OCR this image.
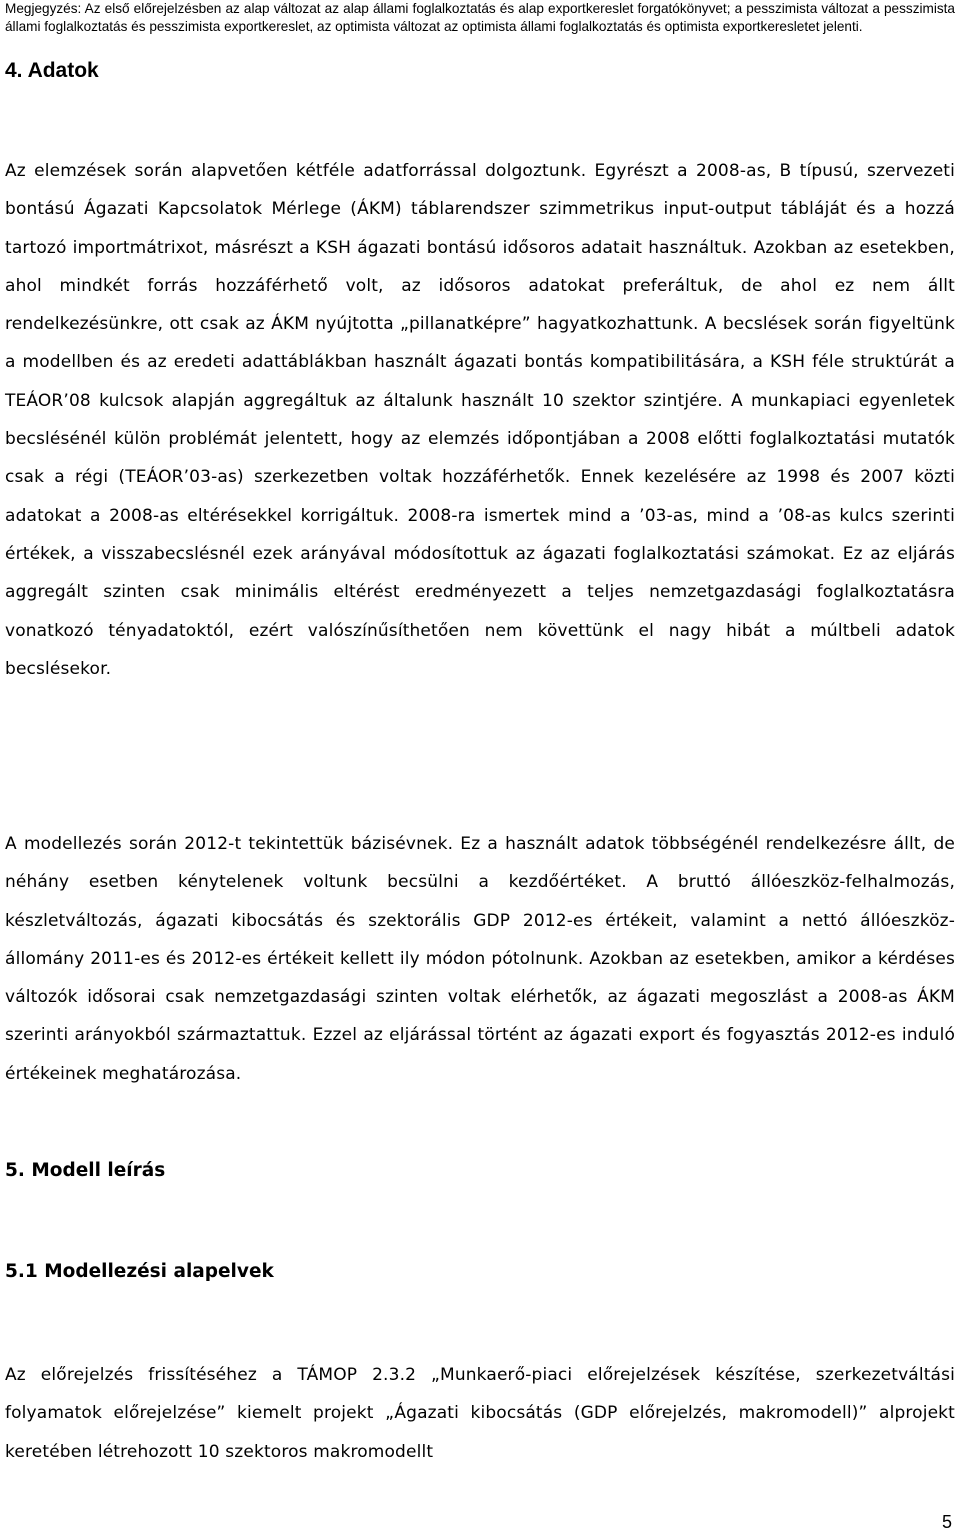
Megjegyzés: Az első előrejelzésben az alap változat az alap állami foglalkoztatás és alap exportkereslet forgatókönyvet; a pesszimista változat a pesszimista állami foglalkoztatás és pesszimista exportkereslet, az optimista változat az optimista állami foglalkoztatás és optimista exportkeresletet jelenti.
4. Adatok
Az elemzések során alapvetően kétféle adatforrással dolgoztunk. Egyrészt a 2008-as, B típusú, szervezeti bontású Ágazati Kapcsolatok Mérlege (ÁKM) táblarendszer szimmetrikus input-output tábláját és a hozzá tartozó importmátrixot, másrészt a KSH ágazati bontású idősoros adatait használtuk. Azokban az esetekben, ahol mindkét forrás hozzáférhető volt, az idősoros adatokat preferáltuk, de ahol ez nem állt rendelkezésünkre, ott csak az ÁKM nyújtotta „pillanatképre” hagyatkozhattunk. A becslések során figyeltünk a modellben és az eredeti adattáblákban használt ágazati bontás kompatibilitására, a KSH féle struktúrát a TEÁOR’08 kulcsok alapján aggregáltuk az általunk használt 10 szektor szintjére. A munkapiaci egyenletek becslésénél külön problémát jelentett, hogy az elemzés időpontjában a 2008 előtti foglalkoztatási mutatók csak a régi (TEÁOR’03-as) szerkezetben voltak hozzáférhetők. Ennek kezelésére az 1998 és 2007 közti adatokat a 2008-as eltérésekkel korrigáltuk. 2008-ra ismertek mind a ’03-as, mind a ’08-as kulcs szerinti értékek, a visszabecslésnél ezek arányával módosítottuk az ágazati foglalkoztatási számokat. Ez az eljárás aggregált szinten csak minimális eltérést eredményezett a teljes nemzetgazdasági foglalkoztatásra vonatkozó tényadatoktól, ezért valószínűsíthetően nem követtünk el nagy hibát a múltbeli adatok becslésekor.
A modellezés során 2012-t tekintettük bázisévnek. Ez a használt adatok többségénél rendelkezésre állt, de néhány esetben kénytelenek voltunk becsülni a kezdőértéket. A bruttó állóeszköz-felhalmozás, készletváltozás, ágazati kibocsátás és szektorális GDP 2012-es értékeit, valamint a nettó állóeszköz-állomány 2011-es és 2012-es értékeit kellett ily módon pótolnunk. Azokban az esetekben, amikor a kérdéses változók idősorai csak nemzetgazdasági szinten voltak elérhetők, az ágazati megoszlást a 2008-as ÁKM szerinti arányokból származtattuk. Ezzel az eljárással történt az ágazati export és fogyasztás 2012-es induló értékeinek meghatározása.
5. Modell leírás
5.1 Modellezési alapelvek
Az előrejelzés frissítéséhez a TÁMOP 2.3.2 „Munkaerő-piaci előrejelzések készítése, szerkezetváltási folyamatok előrejelzése” kiemelt projekt „Ágazati kibocsátás (GDP előrejelzés, makromodell)” alprojekt keretében létrehozott 10 szektoros makromodellt
5
